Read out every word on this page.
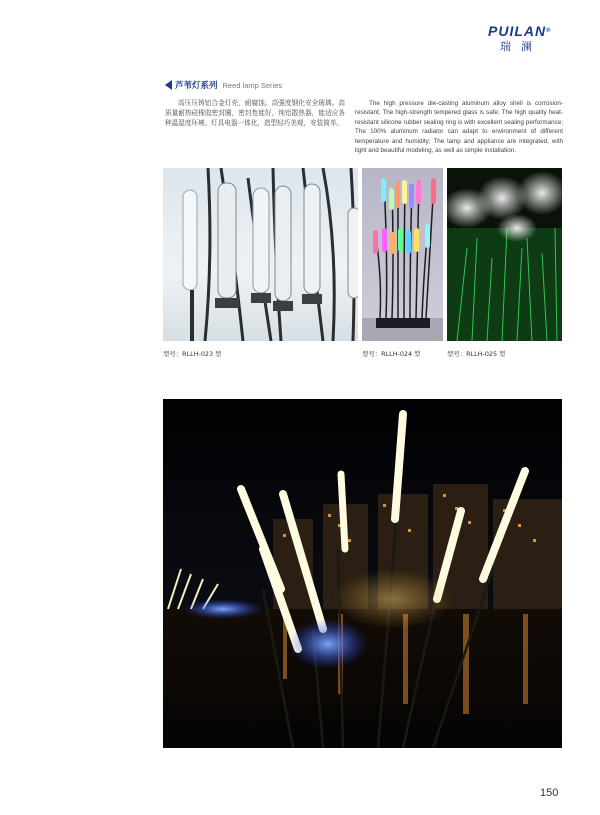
PUILAN®
瑞澜
芦苇灯系列 Reed lamp Series
高压压铸铝合金灯壳，耐腐蚀。高强度钢化安全玻璃。高质量耐热硅橡胶密封圈，密封性能好，纯铝散热器，能适应各种温湿度环境。灯具电器一体化，造型轻巧美观，安装简单。
The high pressure die-casting aluminum alloy shell is corrosion-resistant; The high-strength tempered glass is safe; The high quality heat-resistant silicone rubber sealing ring is with excellent sealing performance; The 100% aluminum radiator can adapt to environment of different temperature and humidity; The lamp and appliance are integrated, with light and beautiful modeling, as well as simple installation.
型号：RLLH-023 型	型号：RLLH-024 型	型号：RLLH-025 型
150
